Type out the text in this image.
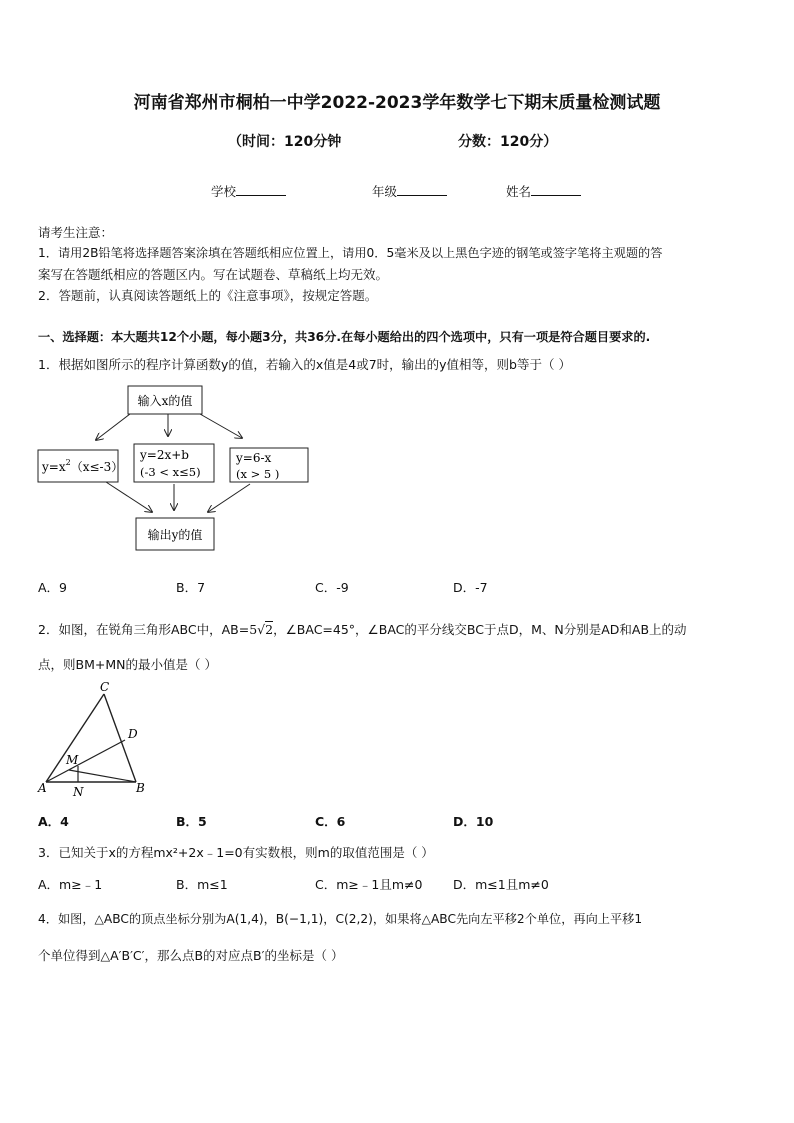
河南省郑州市桐柏一中学2022-2023学年数学七下期末质量检测试题
（时间：120分钟	分数：120分）
学校	年级	姓名
请考生注意：
1．请用2B铅笔将选择题答案涂填在答题纸相应位置上，请用0．5毫米及以上黑色字迹的钢笔或签字笔将主观题的答
案写在答题纸相应的答题区内。写在试题卷、草稿纸上均无效。
2．答题前，认真阅读答题纸上的《注意事项》，按规定答题。
一、选择题：本大题共12个小题，每小题3分，共36分.在每小题给出的四个选项中，只有一项是符合题目要求的.
1．根据如图所示的程序计算函数y的值，若输入的x值是4或7时，输出的y值相等，则b等于（ ）
输入x的值
$y=x^2(x\le-3)$
y=2x+b
(-3 < x≤5)
y=6-x
(x > 5 )
输出y的值
A．9	B．7	C．-9	D．-7
2．如图，在锐角三角形ABC中，AB=5√2，∠BAC=45°，∠BAC的平分线交BC于点D，M、N分别是AD和AB上的动
点，则BM+MN的最小值是（ ）
C
D
M
A N	B
A．4	B．5	C．6	D．10
3．已知关于x的方程mx²+2x﹣1=0有实数根，则m的取值范围是（ ）
A．m≥﹣1	B．m≤1	C．m≥﹣1且m≠0 D．m≤1且m≠0
4．如图，△ABC的顶点坐标分别为A(1,4)，B(−1,1)，C(2,2)，如果将△ABC先向左平移2个单位，再向上平移1
个单位得到△A′B′C′，那么点B的对应点B′的坐标是（ ）
